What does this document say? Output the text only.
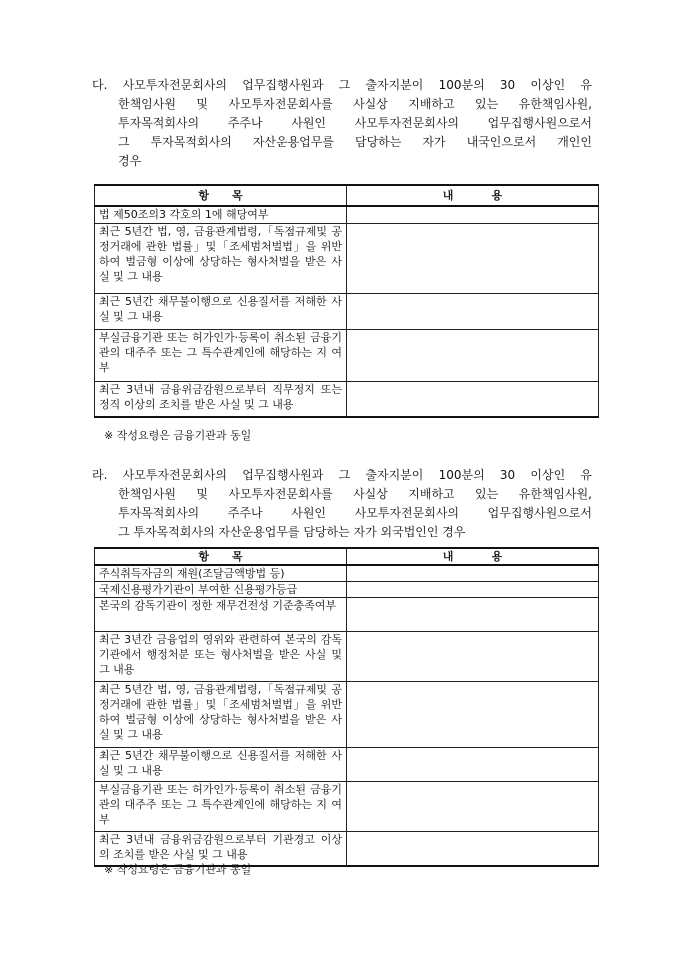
다. 사모투자전문회사의 업무집행사원과 그 출자지분이 100분의 30 이상인 유
한책임사원 및 사모투자전문회사를 사실상 지배하고 있는 유한책임사원,
투자목적회사의 주주나 사원인 사모투자전문회사의 업무집행사원으로서
그 투자목적회사의 자산운용업무를 담당하는 자가 내국인으로서 개인인
경우
항      목	내          용
법 제50조의3 각호의 1에 해당여부	
최근 5년간 법, 영, 금융관계법령,「독점규제및 공정거래에 관한 법률」및「조세범처벌법」을 위반하여 벌금형 이상에 상당하는 형사처벌을 받은 사실 및 그 내용	
최근 5년간 채무불이행으로 신용질서를 저해한 사실 및 그 내용	
부실금융기관 또는 허가인가·등록이 취소된 금융기관의 대주주 또는 그 특수관계인에 해당하는 지 여부	
최근 3년내 금융위금감원으로부터 직무정지 또는 정직 이상의 조치를 받은 사실 및 그 내용	
※ 작성요령은 금융기관과 동일
라. 사모투자전문회사의 업무집행사원과 그 출자지분이 100분의 30 이상인 유
한책임사원 및 사모투자전문회사를 사실상 지배하고 있는 유한책임사원,
투자목적회사의 주주나 사원인 사모투자전문회사의 업무집행사원으로서
그 투자목적회사의 자산운용업무를 담당하는 자가 외국법인인 경우
항      목	내          용
주식취득자금의 재원(조달금액방법 등)	
국제신용평가기관이 부여한 신용평가등급	
본국의 감독기관이 정한 재무건전성 기준충족여부	
최근 3년간 금융업의 영위와 관련하여 본국의 감독기관에서 행정처분 또는 형사처벌을 받은 사실 및 그 내용	
최근 5년간 법, 영, 금융관계법령,「독점규제및 공정거래에 관한 법률」및「조세범처벌법」을 위반하여 벌금형 이상에 상당하는 형사처벌을 받은 사실 및 그 내용	
최근 5년간 채무불이행으로 신용질서를 저해한 사실 및 그 내용	
부실금융기관 또는 허가인가·등록이 취소된 금융기관의 대주주 또는 그 특수관계인에 해당하는 지 여부	
최근 3년내 금융위금감원으로부터 기관경고 이상의 조치를 받은 사실 및 그 내용	
※ 작성요령은 금융기관과 동일
